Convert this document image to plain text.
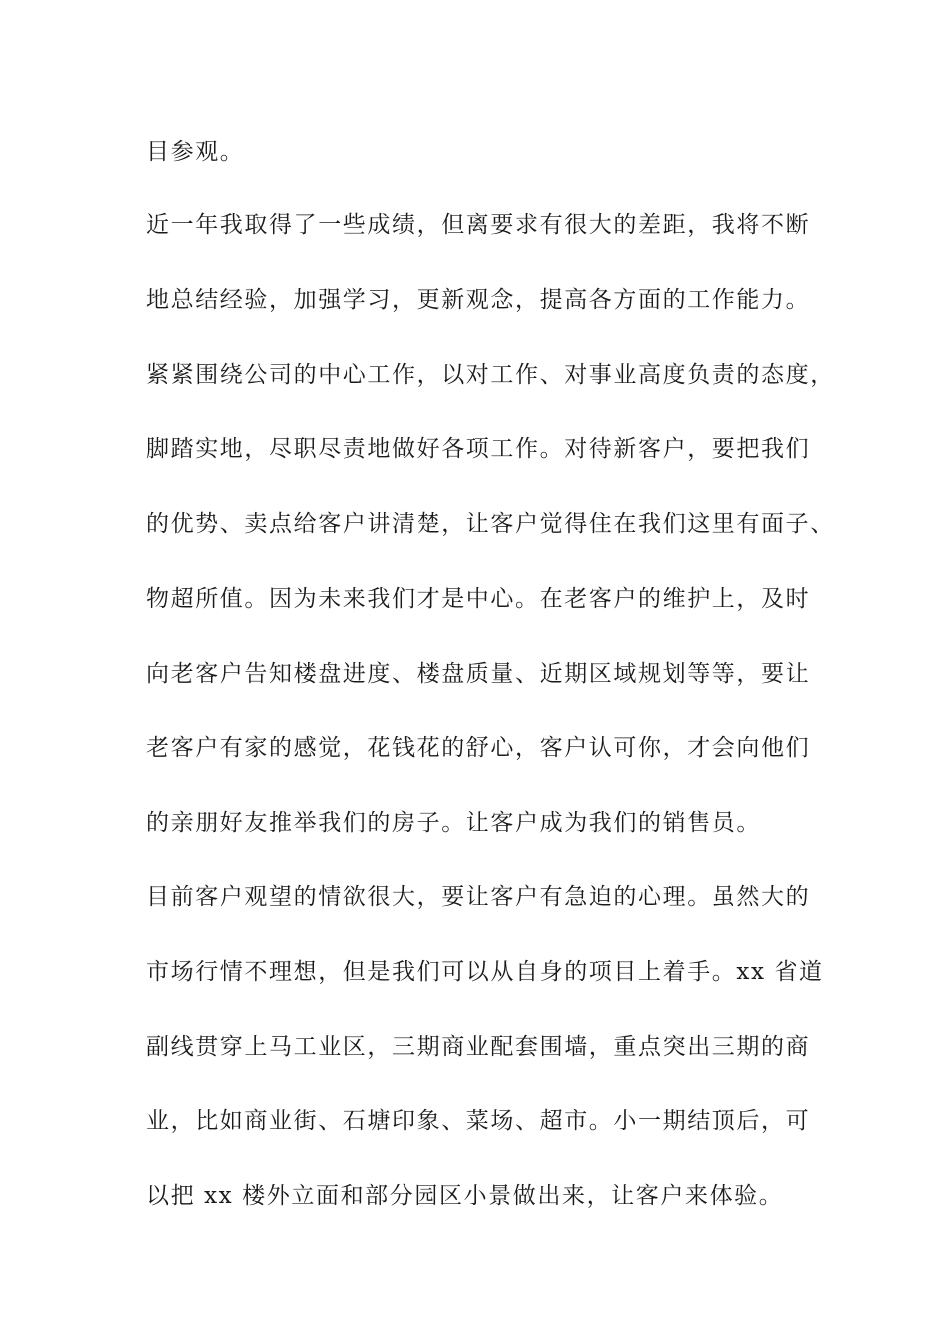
目参观。
近一年我取得了一些成绩，但离要求有很大的差距，我将不断
地总结经验，加强学习，更新观念，提高各方面的工作能力。
紧紧围绕公司的中心工作，以对工作、对事业高度负责的态度，
脚踏实地，尽职尽责地做好各项工作。对待新客户，要把我们
的优势、卖点给客户讲清楚，让客户觉得住在我们这里有面子、
物超所值。因为未来我们才是中心。在老客户的维护上，及时
向老客户告知楼盘进度、楼盘质量、近期区域规划等等，要让
老客户有家的感觉，花钱花的舒心，客户认可你，才会向他们
的亲朋好友推举我们的房子。让客户成为我们的销售员。
目前客户观望的情欲很大，要让客户有急迫的心理。虽然大的
市场行情不理想，但是我们可以从自身的项目上着手。xx 省道
副线贯穿上马工业区，三期商业配套围墙，重点突出三期的商
业，比如商业街、石塘印象、菜场、超市。小一期结顶后，可
以把 xx 楼外立面和部分园区小景做出来，让客户来体验。
